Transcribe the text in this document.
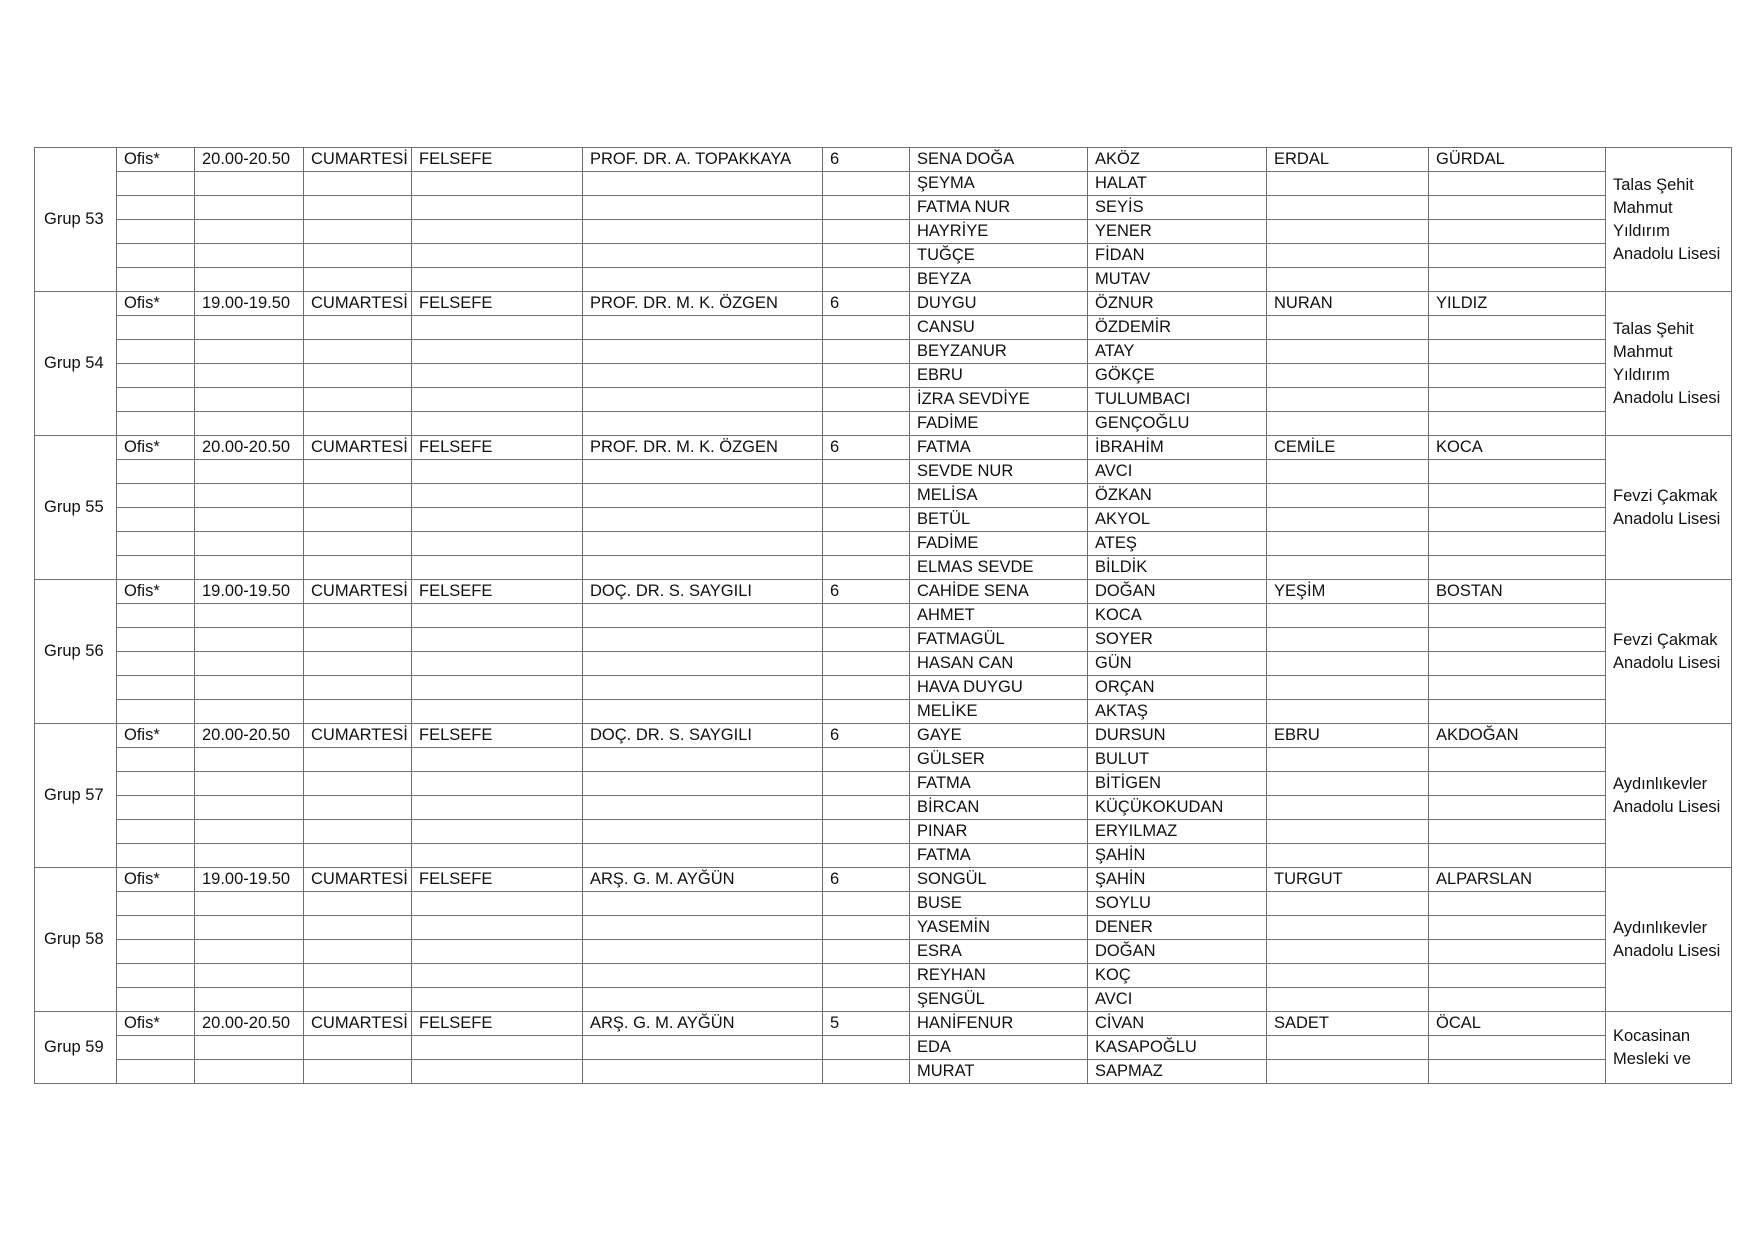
Grup 53	Ofis*	20.00-20.50	CUMARTESİ	FELSEFE	PROF. DR. A. TOPAKKAYA	6	SENA DOĞA	AKÖZ	ERDAL	GÜRDAL	Talas Şehit Mahmut Yıldırım Anadolu Lisesi
							ŞEYMA	HALAT			
							FATMA NUR	SEYİS			
							HAYRİYE	YENER			
							TUĞÇE	FİDAN			
							BEYZA	MUTAV			
Grup 54	Ofis*	19.00-19.50	CUMARTESİ	FELSEFE	PROF. DR. M. K. ÖZGEN	6	DUYGU	ÖZNUR	NURAN	YILDIZ	Talas Şehit Mahmut Yıldırım Anadolu Lisesi
							CANSU	ÖZDEMİR			
							BEYZANUR	ATAY			
							EBRU	GÖKÇE			
							İZRA SEVDİYE	TULUMBACI			
							FADİME	GENÇOĞLU			
Grup 55	Ofis*	20.00-20.50	CUMARTESİ	FELSEFE	PROF. DR. M. K. ÖZGEN	6	FATMA	İBRAHİM	CEMİLE	KOCA	Fevzi Çakmak Anadolu Lisesi
							SEVDE NUR	AVCI			
							MELİSA	ÖZKAN			
							BETÜL	AKYOL			
							FADİME	ATEŞ			
							ELMAS SEVDE	BİLDİK			
Grup 56	Ofis*	19.00-19.50	CUMARTESİ	FELSEFE	DOÇ. DR. S. SAYGILI	6	CAHİDE SENA	DOĞAN	YEŞİM	BOSTAN	Fevzi Çakmak Anadolu Lisesi
							AHMET	KOCA			
							FATMAGÜL	SOYER			
							HASAN CAN	GÜN			
							HAVA DUYGU	ORÇAN			
							MELİKE	AKTAŞ			
Grup 57	Ofis*	20.00-20.50	CUMARTESİ	FELSEFE	DOÇ. DR. S. SAYGILI	6	GAYE	DURSUN	EBRU	AKDOĞAN	Aydınlıkevler Anadolu Lisesi
							GÜLSER	BULUT			
							FATMA	BİTİGEN			
							BİRCAN	KÜÇÜKOKUDAN			
							PINAR	ERYILMAZ			
							FATMA	ŞAHİN			
Grup 58	Ofis*	19.00-19.50	CUMARTESİ	FELSEFE	ARŞ. G. M. AYĞÜN	6	SONGÜL	ŞAHİN	TURGUT	ALPARSLAN	Aydınlıkevler Anadolu Lisesi
							BUSE	SOYLU			
							YASEMİN	DENER			
							ESRA	DOĞAN			
							REYHAN	KOÇ			
							ŞENGÜL	AVCI			
Grup 59	Ofis*	20.00-20.50	CUMARTESİ	FELSEFE	ARŞ. G. M. AYĞÜN	5	HANİFENUR	CİVAN	SADET	ÖCAL	Kocasinan Mesleki ve
							EDA	KASAPOĞLU			
							MURAT	SAPMAZ			
